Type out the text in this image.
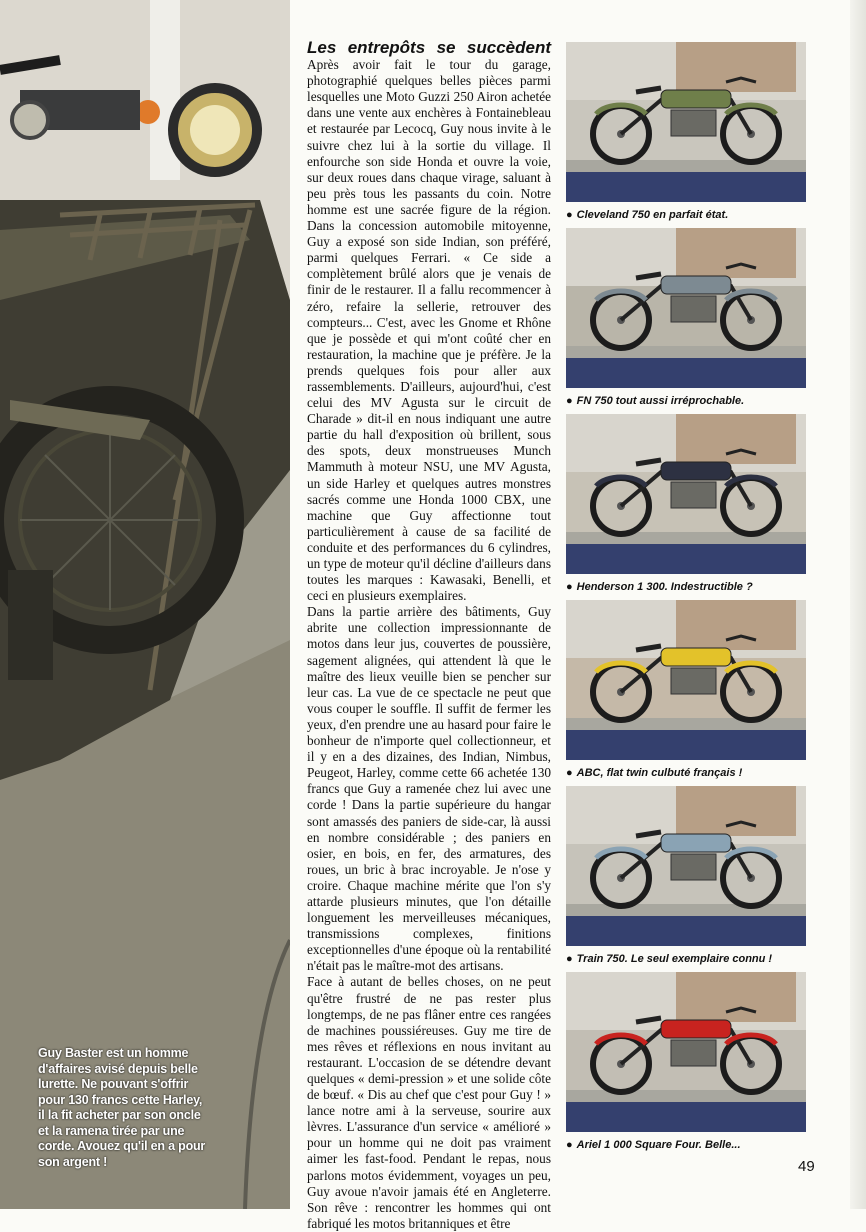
Guy Baster est un homme d'affaires avisé depuis belle lurette. Ne pouvant s'offrir pour 130 francs cette Harley, il la fit acheter par son oncle et la ramena tirée par une corde. Avouez qu'il en a pour son argent !

Les entrepôts se succèdent Après avoir fait le tour du garage, photographié quelques belles pièces parmi lesquelles une Moto Guzzi 250 Airon achetée dans une vente aux enchères à Fontainebleau et restaurée par Lecocq, Guy nous invite à le suivre chez lui à la sortie du village. Il enfourche son side Honda et ouvre la voie, sur deux roues dans chaque virage, saluant à peu près tous les passants du coin. Notre homme est une sacrée figure de la région. Dans la concession automobile mitoyenne, Guy a exposé son side Indian, son préféré, parmi quelques Ferrari. « Ce side a complètement brûlé alors que je venais de finir de le restaurer. Il a fallu recommencer à zéro, refaire la sellerie, retrouver des compteurs... C'est, avec les Gnome et Rhône que je possède et qui m'ont coûté cher en restauration, la machine que je préfère. Je la prends quelques fois pour aller aux rassemblements. D'ailleurs, aujourd'hui, c'est celui des MV Agusta sur le circuit de Charade » dit-il en nous indiquant une autre partie du hall d'exposition où brillent, sous des spots, deux monstrueuses Munch Mammuth à moteur NSU, une MV Agusta, un side Harley et quelques autres monstres sacrés comme une Honda 1000 CBX, une machine que Guy affectionne tout particulièrement à cause de sa facilité de conduite et des performances du 6 cylindres, un type de moteur qu'il décline d'ailleurs dans toutes les marques : Kawasaki, Benelli, et ceci en plusieurs exemplaires.

Dans la partie arrière des bâtiments, Guy abrite une collection impressionnante de motos dans leur jus, couvertes de poussière, sagement alignées, qui attendent là que le maître des lieux veuille bien se pencher sur leur cas. La vue de ce spectacle ne peut que vous couper le souffle. Il suffit de fermer les yeux, d'en prendre une au hasard pour faire le bonheur de n'importe quel collectionneur, et il y en a des dizaines, des Indian, Nimbus, Peugeot, Harley, comme cette 66 achetée 130 francs que Guy a ramenée chez lui avec une corde ! Dans la partie supérieure du hangar sont amassés des paniers de side-car, là aussi en nombre considérable ; des paniers en osier, en bois, en fer, des armatures, des roues, un bric à brac incroyable. Je n'ose y croire. Chaque machine mérite que l'on s'y attarde plusieurs minutes, que l'on détaille longuement les merveilleuses mécaniques, transmissions complexes, finitions exceptionnelles d'une époque où la rentabilité n'était pas le maître-mot des artisans.

Face à autant de belles choses, on ne peut qu'être frustré de ne pas rester plus longtemps, de ne pas flâner entre ces rangées de machines poussiéreuses. Guy me tire de mes rêves et réflexions en nous invitant au restaurant. L'occasion de se détendre devant quelques « demi-pression » et une solide côte de bœuf. « Dis au chef que c'est pour Guy ! » lance notre ami à la serveuse, sourire aux lèvres. L'assurance d'un service « amélioré » pour un homme qui ne doit pas vraiment aimer les fast-food. Pendant le repas, nous parlons motos évidemment, voyages un peu, Guy avoue n'avoir jamais été en Angleterre. Son rêve : rencontrer les hommes qui ont fabriqué les motos britanniques et être

● Cleveland 750 en parfait état.
● FN 750 tout aussi irréprochable.
● Henderson 1 300. Indestructible ?
● ABC, flat twin culbuté français !
● Train 750. Le seul exemplaire connu !
● Ariel 1 000 Square Four. Belle...
49
